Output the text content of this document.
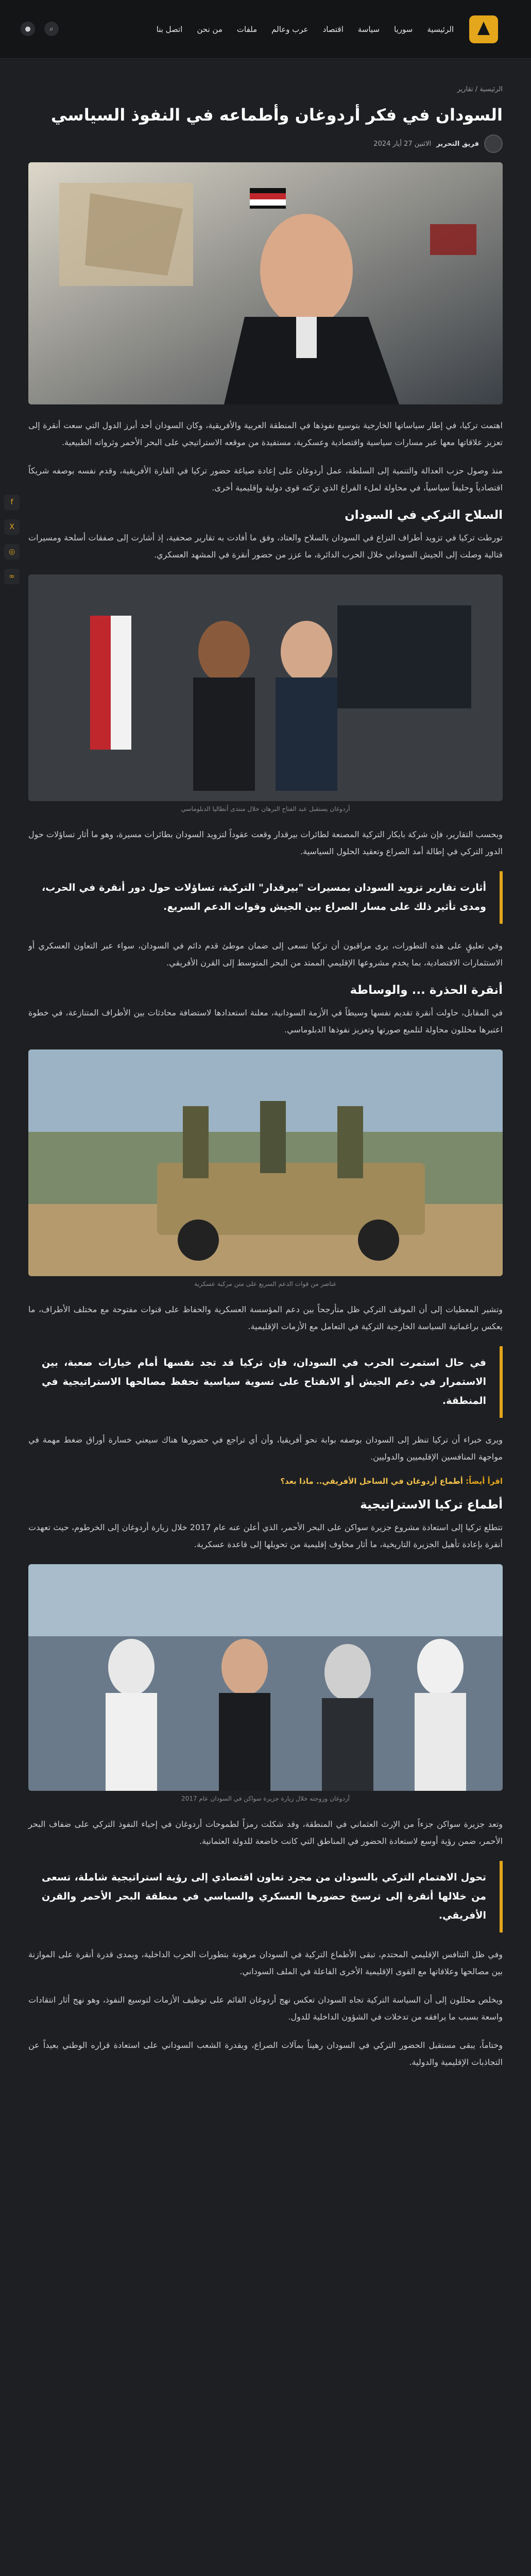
الرئيسية
سوريا
سياسة
اقتصاد
عرب وعالم
ملفات
من نحن
اتصل بنا
⌕
●
f
X
◎
∞
الرئيسية / تقارير
السودان في فكر أردوغان وأطماعه في النفوذ السياسي
فريق التحرير
الاثنين 27 أيار 2024

اهتمت تركيا، في إطار سياساتها الخارجية بتوسيع نفوذها في المنطقة العربية والأفريقية، وكان السودان أحد أبرز الدول التي سعت أنقرة إلى تعزيز علاقاتها معها عبر مسارات سياسية واقتصادية وعسكرية، مستفيدة من موقعه الاستراتيجي على البحر الأحمر وثرواته الطبيعية.

منذ وصول حزب العدالة والتنمية إلى السلطة، عمل أردوغان على إعادة صياغة حضور تركيا في القارة الأفريقية، وقدم نفسه بوصفه شريكاً اقتصادياً وحليفاً سياسياً، في محاولة لملء الفراغ الذي تركته قوى دولية وإقليمية أخرى.

السلاح التركي في السودان

تورطت تركيا في تزويد أطراف النزاع في السودان بالسلاح والعتاد، وفق ما أفادت به تقارير صحفية، إذ أشارت إلى صفقات أسلحة ومسيرات قتالية وصلت إلى الجيش السوداني خلال الحرب الدائرة، ما عزز من حضور أنقرة في المشهد العسكري.

أردوغان يستقبل عبد الفتاح البرهان خلال منتدى أنطاليا الدبلوماسي

وبحسب التقارير، فإن شركة بايكار التركية المصنعة لطائرات بيرقدار وقعت عقوداً لتزويد السودان بطائرات مسيرة، وهو ما أثار تساؤلات حول الدور التركي في إطالة أمد الصراع وتعقيد الحلول السياسية.

أثارت تقارير تزويد السودان بمسيرات "بيرقدار" التركية، تساؤلات حول دور أنقرة في الحرب، ومدى تأثير ذلك على مسار الصراع بين الجيش وقوات الدعم السريع.

وفي تعليقٍ على هذه التطورات، يرى مراقبون أن تركيا تسعى إلى ضمان موطئ قدم دائم في السودان، سواء عبر التعاون العسكري أو الاستثمارات الاقتصادية، بما يخدم مشروعها الإقليمي الممتد من البحر المتوسط إلى القرن الأفريقي.

أنقرة الحذرة ... والوساطة

في المقابل، حاولت أنقرة تقديم نفسها وسيطاً في الأزمة السودانية، معلنة استعدادها لاستضافة محادثات بين الأطراف المتنازعة، في خطوة اعتبرها محللون محاولة لتلميع صورتها وتعزيز نفوذها الدبلوماسي.

عناصر من قوات الدعم السريع على متن مركبة عسكرية

وتشير المعطيات إلى أن الموقف التركي ظل متأرجحاً بين دعم المؤسسة العسكرية والحفاظ على قنوات مفتوحة مع مختلف الأطراف، ما يعكس براغماتية السياسة الخارجية التركية في التعامل مع الأزمات الإقليمية.

في حال استمرت الحرب في السودان، فإن تركيا قد تجد نفسها أمام خيارات صعبة، بين الاستمرار في دعم الجيش أو الانفتاح على تسوية سياسية تحفظ مصالحها الاستراتيجية في المنطقة.

ويرى خبراء أن تركيا تنظر إلى السودان بوصفه بوابة نحو أفريقيا، وأن أي تراجع في حضورها هناك سيعني خسارة أوراق ضغط مهمة في مواجهة المنافسين الإقليميين والدوليين.

اقرأ أيضاً: أطماع أردوغان في الساحل الأفريقي.. ماذا بعد؟
أطماع تركيا الاستراتيجية

تتطلع تركيا إلى استعادة مشروع جزيرة سواكن على البحر الأحمر، الذي أعلن عنه عام 2017 خلال زيارة أردوغان إلى الخرطوم، حيث تعهدت أنقرة بإعادة تأهيل الجزيرة التاريخية، ما أثار مخاوف إقليمية من تحويلها إلى قاعدة عسكرية.

أردوغان وزوجته خلال زيارة جزيرة سواكن في السودان عام 2017

وتعد جزيرة سواكن جزءاً من الإرث العثماني في المنطقة، وقد شكلت رمزاً لطموحات أردوغان في إحياء النفوذ التركي على ضفاف البحر الأحمر، ضمن رؤية أوسع لاستعادة الحضور في المناطق التي كانت خاضعة للدولة العثمانية.

تحول الاهتمام التركي بالسودان من مجرد تعاون اقتصادي إلى رؤية استراتيجية شاملة، تسعى من خلالها أنقرة إلى ترسيخ حضورها العسكري والسياسي في منطقة البحر الأحمر والقرن الأفريقي.

وفي ظل التنافس الإقليمي المحتدم، تبقى الأطماع التركية في السودان مرهونة بتطورات الحرب الداخلية، وبمدى قدرة أنقرة على الموازنة بين مصالحها وعلاقاتها مع القوى الإقليمية الأخرى الفاعلة في الملف السوداني.

ويخلص محللون إلى أن السياسة التركية تجاه السودان تعكس نهج أردوغان القائم على توظيف الأزمات لتوسيع النفوذ، وهو نهج أثار انتقادات واسعة بسبب ما يرافقه من تدخلات في الشؤون الداخلية للدول.

وختاماً، يبقى مستقبل الحضور التركي في السودان رهيناً بمآلات الصراع، وبقدرة الشعب السوداني على استعادة قراره الوطني بعيداً عن التجاذبات الإقليمية والدولية.
